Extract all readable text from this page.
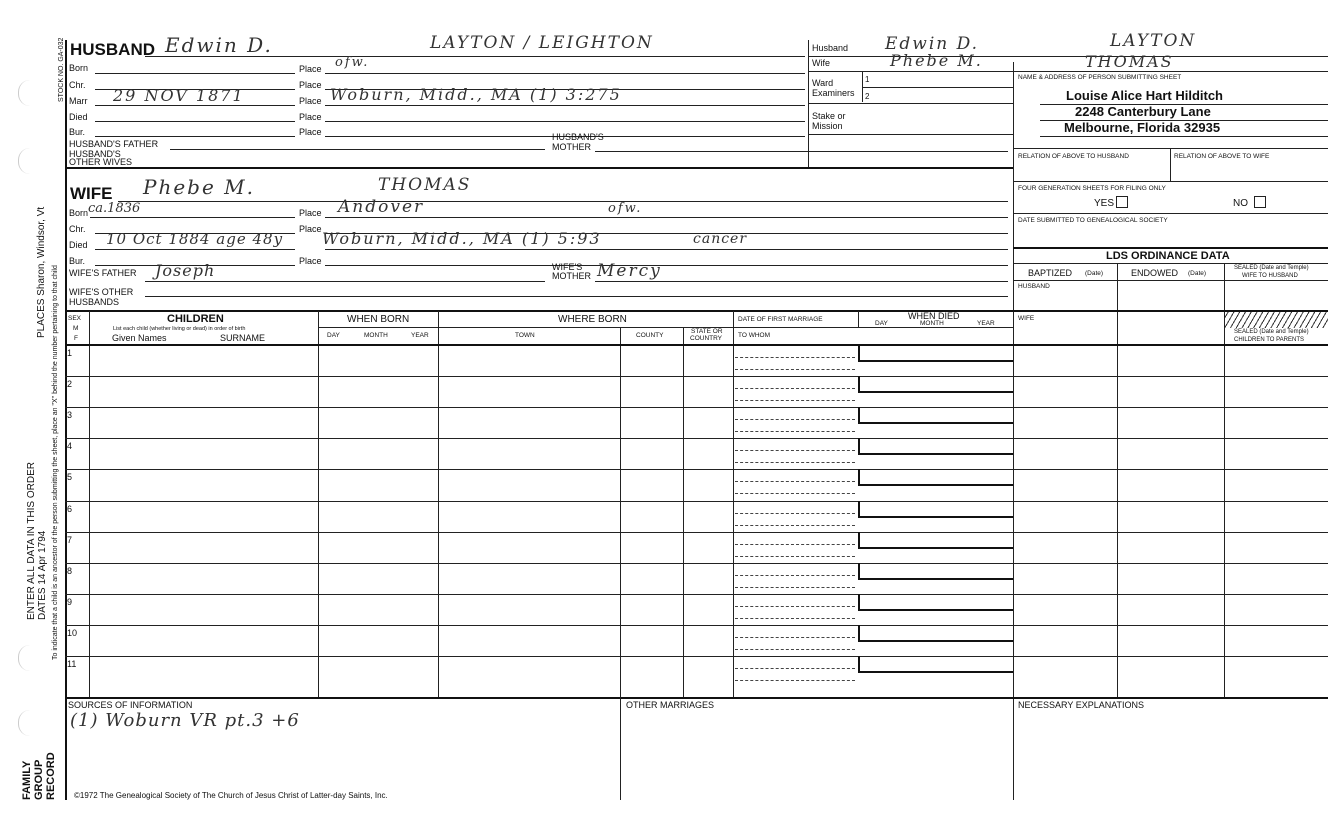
STOCK NO. GA-032
PLACES Sharon, Windsor, Vt To indicate that a child is an ancestor of the person submitting the sheet, place an "X" behind the number pertaining to that child
ENTER ALL DATA IN THIS ORDER DATES 14 Apr 1794
FAMILY GROUP RECORD
HUSBAND Edwin D.	LAYTON / LEIGHTON
Born	Place ofw.
Chr.	Place
Marr 29 NOV 1871	Place Woburn, Midd., MA (1) 3:275
Died	Place
Bur.	Place
HUSBAND'S FATHER
HUSBAND'S
MOTHER
HUSBAND'S
OTHER WIVES
Husband Edwin D.	LAYTON
Wife	Phebe M.	THOMAS
Ward
Examiners
1
2
Stake or
Mission
NAME & ADDRESS OF PERSON SUBMITTING SHEET
Louise Alice Hart Hilditch
2248 Canterbury Lane
Melbourne, Florida 32935
RELATION OF ABOVE TO HUSBAND	RELATION OF ABOVE TO WIFE
FOUR GENERATION SHEETS FOR FILING ONLY
YES	NO
DATE SUBMITTED TO GENEALOGICAL SOCIETY
LDS ORDINANCE DATA
BAPTIZED (Date)	ENDOWED (Date)
SEALED (Date and Temple)
WIFE TO HUSBAND
HUSBAND
WIFE
SEALED (Date and Temple)
CHILDREN TO PARENTS
WIFE Phebe M.	THOMAS
Born ca.1836	Place Andover	ofw.
Chr.	Place
Died 10 Oct 1884 age 48y Woburn, Midd., MA (1) 5:93	cancer
Bur.	Place
WIFE'S FATHER Joseph	WIFE'S
MOTHER Mercy
WIFE'S OTHER
HUSBANDS
SEX
M
F
CHILDREN
List each child (whether living or dead) in order of birth
Given Names	SURNAME
WHEN BORN
DAY	MONTH	YEAR
WHERE BORN
TOWN	COUNTY
STATE OR
COUNTRY
DATE OF FIRST MARRIAGE
TO WHOM
WHEN DIED
DAY	MONTH	YEAR
1
2
3
4
5
6
7
8
9
10
11
SOURCES OF INFORMATION
(1) Woburn VR pt.3 +6
OTHER MARRIAGES	NECESSARY EXPLANATIONS
©1972 The Genealogical Society of The Church of Jesus Christ of Latter-day Saints, Inc.
